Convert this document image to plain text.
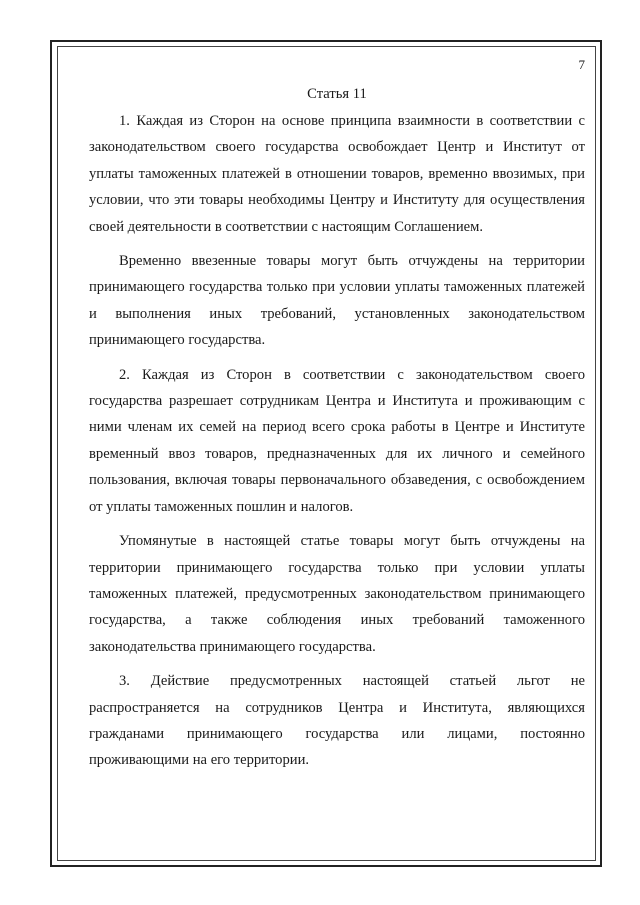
7
Статья 11

1. Каждая из Сторон на основе принципа взаимности в соответствии с законодательством своего государства освобождает Центр и Институт от уплаты таможенных платежей в отношении товаров, временно ввозимых, при условии, что эти товары необходимы Центру и Институту для осуществления своей деятельности в соответствии с настоящим Соглашением.

Временно ввезенные товары могут быть отчуждены на территории принимающего государства только при условии уплаты таможенных платежей и выполнения иных требований, установленных законодательством принимающего государства.

2. Каждая из Сторон в соответствии с законодательством своего государства разрешает сотрудникам Центра и Института и проживающим с ними членам их семей на период всего срока работы в Центре и Институте временный ввоз товаров, предназначенных для их личного и семейного пользования, включая товары первоначального обзаведения, с освобождением от уплаты таможенных пошлин и налогов.

Упомянутые в настоящей статье товары могут быть отчуждены на территории принимающего государства только при условии уплаты таможенных платежей, предусмотренных законодательством принимающего государства, а также соблюдения иных требований таможенного законодательства принимающего государства.

3. Действие предусмотренных настоящей статьей льгот не распространяется на сотрудников Центра и Института, являющихся гражданами принимающего государства или лицами, постоянно проживающими на его территории.
